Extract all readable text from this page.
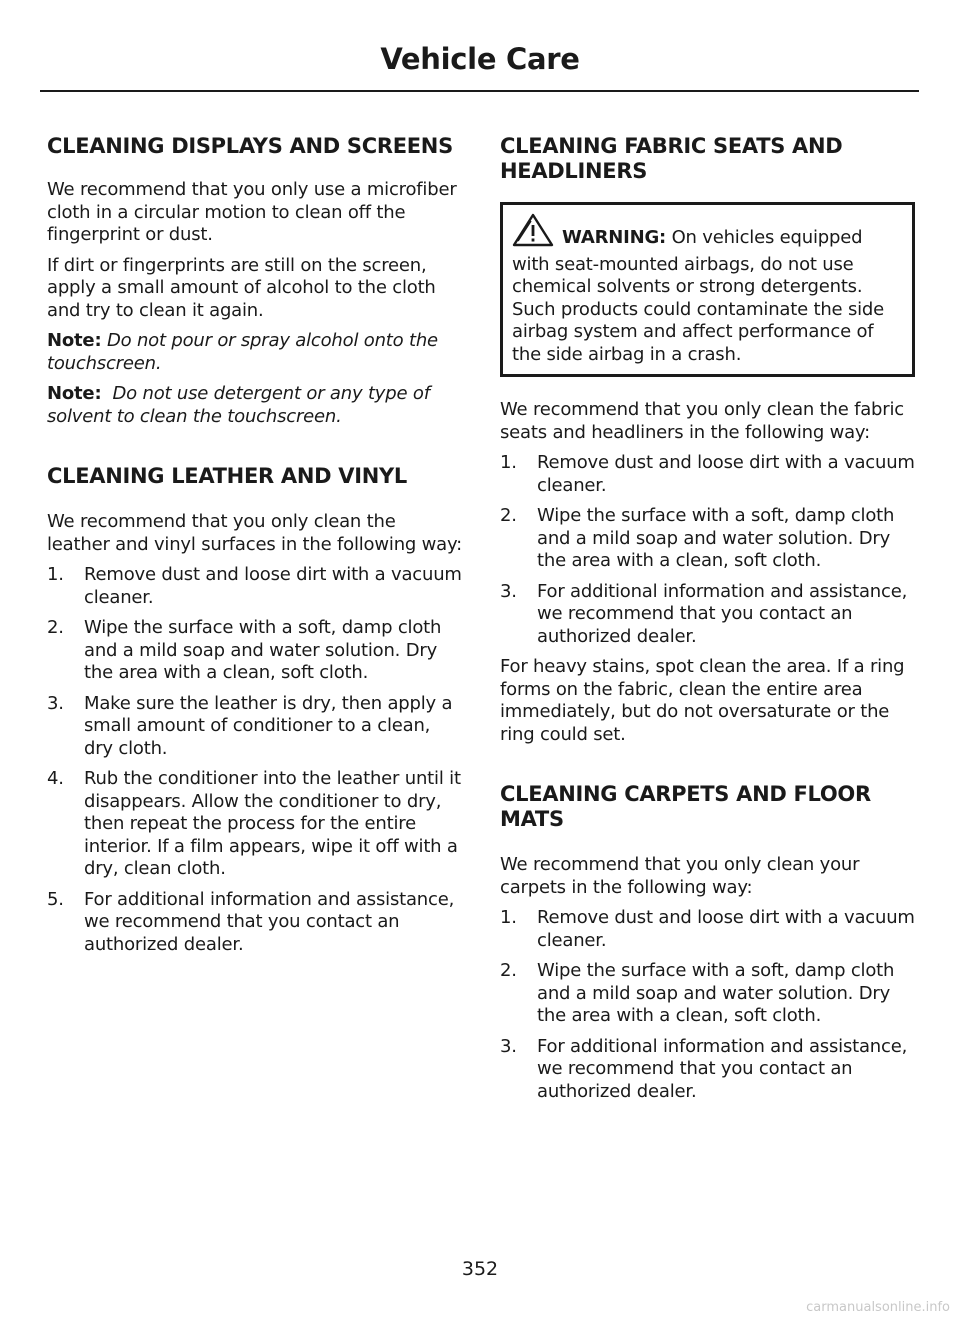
Vehicle Care
CLEANING DISPLAYS AND SCREENS

We recommend that you only use a microfiber cloth in a circular motion to clean off the fingerprint or dust.

If dirt or fingerprints are still on the screen, apply a small amount of alcohol to the cloth and try to clean it again.

Note: Do not pour or spray alcohol onto the touchscreen.

Note: Do not use detergent or any type of solvent to clean the touchscreen.

CLEANING LEATHER AND VINYL

We recommend that you only clean the leather and vinyl surfaces in the following way:

1. Remove dust and loose dirt with a vacuum cleaner.
2. Wipe the surface with a soft, damp cloth and a mild soap and water solution. Dry the area with a clean, soft cloth.
3. Make sure the leather is dry, then apply a small amount of conditioner to a clean, dry cloth.
4. Rub the conditioner into the leather until it disappears. Allow the conditioner to dry, then repeat the process for the entire interior. If a film appears, wipe it off with a dry, clean cloth.
5. For additional information and assistance, we recommend that you contact an authorized dealer.
CLEANING FABRIC SEATS AND HEADLINERS

WARNING: On vehicles equipped with seat-mounted airbags, do not use chemical solvents or strong detergents. Such products could contaminate the side airbag system and affect performance of the side airbag in a crash.

We recommend that you only clean the fabric seats and headliners in the following way:

1. Remove dust and loose dirt with a vacuum cleaner.
2. Wipe the surface with a soft, damp cloth and a mild soap and water solution. Dry the area with a clean, soft cloth.
3. For additional information and assistance, we recommend that you contact an authorized dealer.

For heavy stains, spot clean the area. If a ring forms on the fabric, clean the entire area immediately, but do not oversaturate or the ring could set.

CLEANING CARPETS AND FLOOR MATS

We recommend that you only clean your carpets in the following way:

1. Remove dust and loose dirt with a vacuum cleaner.
2. Wipe the surface with a soft, damp cloth and a mild soap and water solution. Dry the area with a clean, soft cloth.
3. For additional information and assistance, we recommend that you contact an authorized dealer.
352
carmanualsonline.info
